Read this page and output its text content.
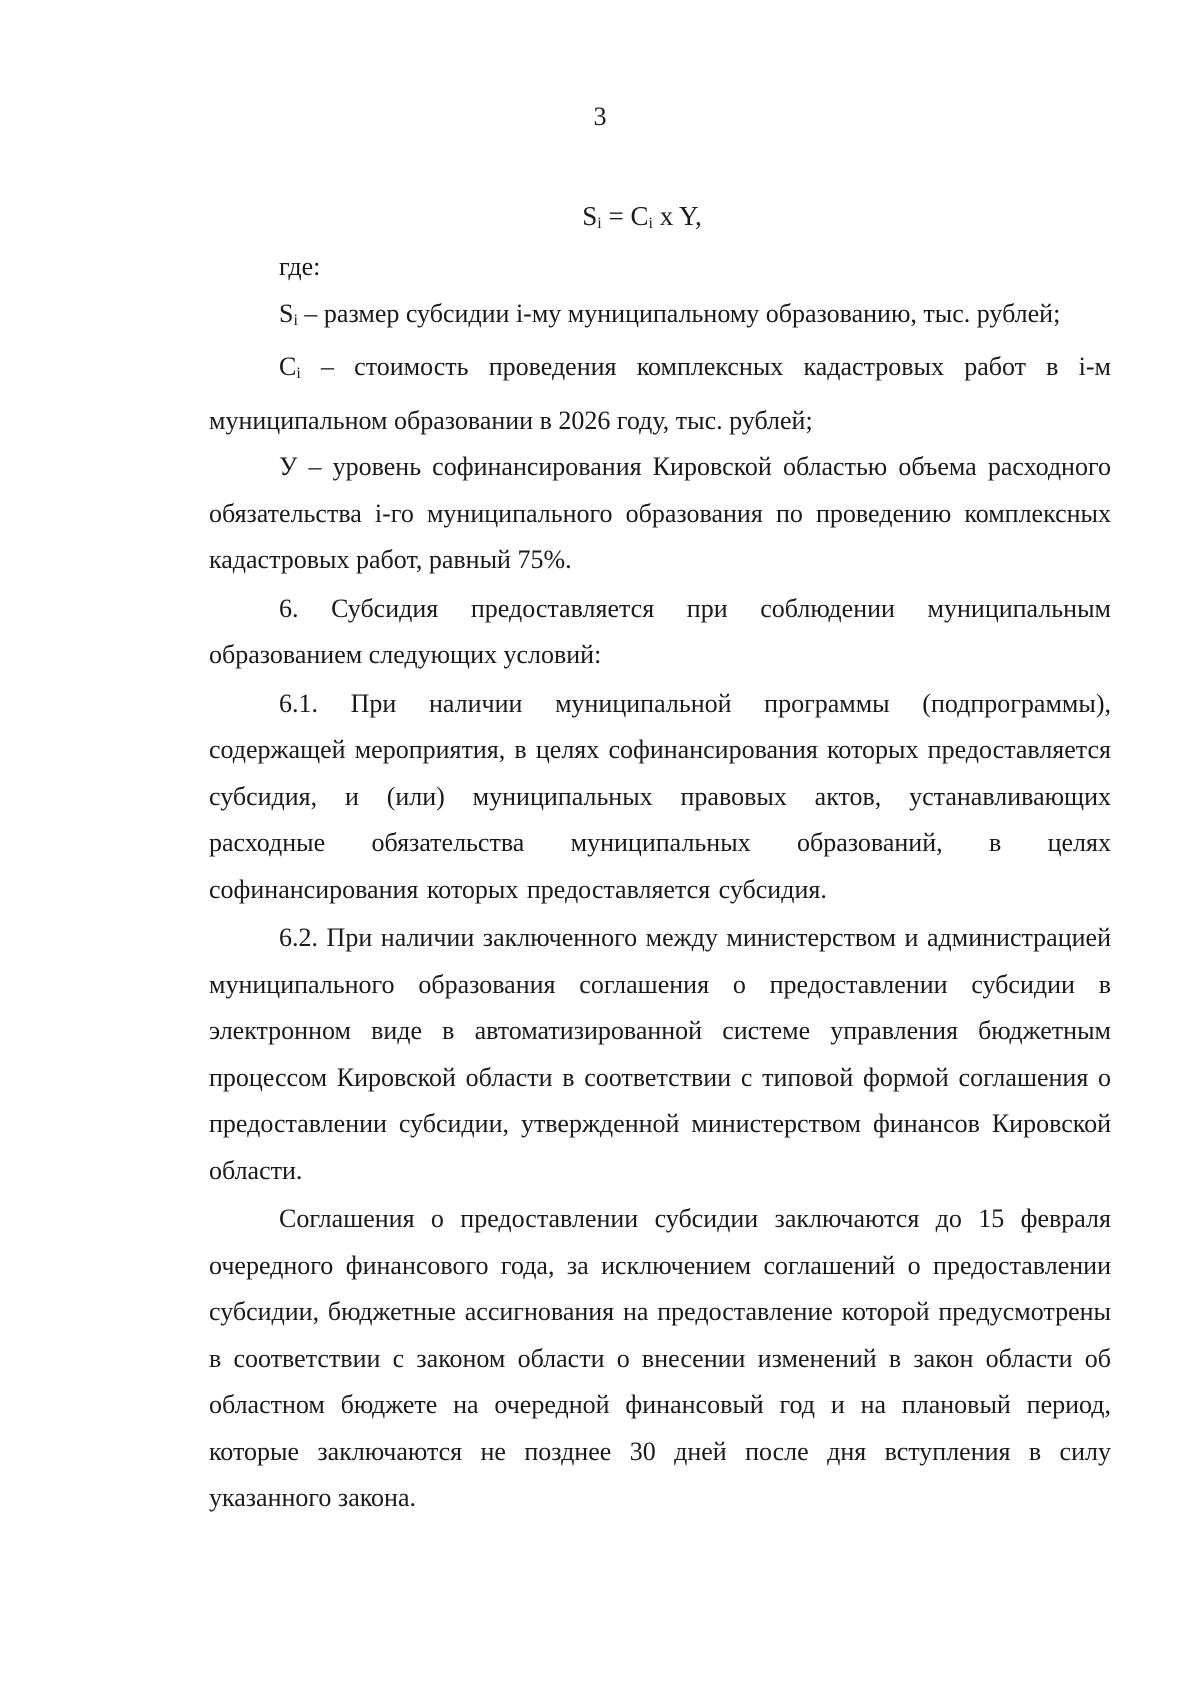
3
$S_i = C_i$ x Y,

где:

$S_i$ – размер субсидии i-му муниципальному образованию, тыс. рублей;

$C_i$ – стоимость проведения комплексных кадастровых работ в i-м муниципальном образовании в 2026 году, тыс. рублей;

У – уровень софинансирования Кировской областью объема расходного обязательства i-го муниципального образования по проведению комплексных кадастровых работ, равный 75%.

6. Субсидия предоставляется при соблюдении муниципальным образованием следующих условий:

6.1. При наличии муниципальной программы (подпрограммы), содержащей мероприятия, в целях софинансирования которых предоставляется субсидия, и (или) муниципальных правовых актов, устанавливающих расходные обязательства муниципальных образований, в целях софинансирования которых предоставляется субсидия.

6.2. При наличии заключенного между министерством и администрацией муниципального образования соглашения о предоставлении субсидии в электронном виде в автоматизированной системе управления бюджетным процессом Кировской области в соответствии с типовой формой соглашения о предоставлении субсидии, утвержденной министерством финансов Кировской области.

Соглашения о предоставлении субсидии заключаются до 15 февраля очередного финансового года, за исключением соглашений о предоставлении субсидии, бюджетные ассигнования на предоставление которой предусмотрены в соответствии с законом области о внесении изменений в закон области об областном бюджете на очередной финансовый год и на плановый период, которые заключаются не позднее 30 дней после дня вступления в силу указанного закона.
